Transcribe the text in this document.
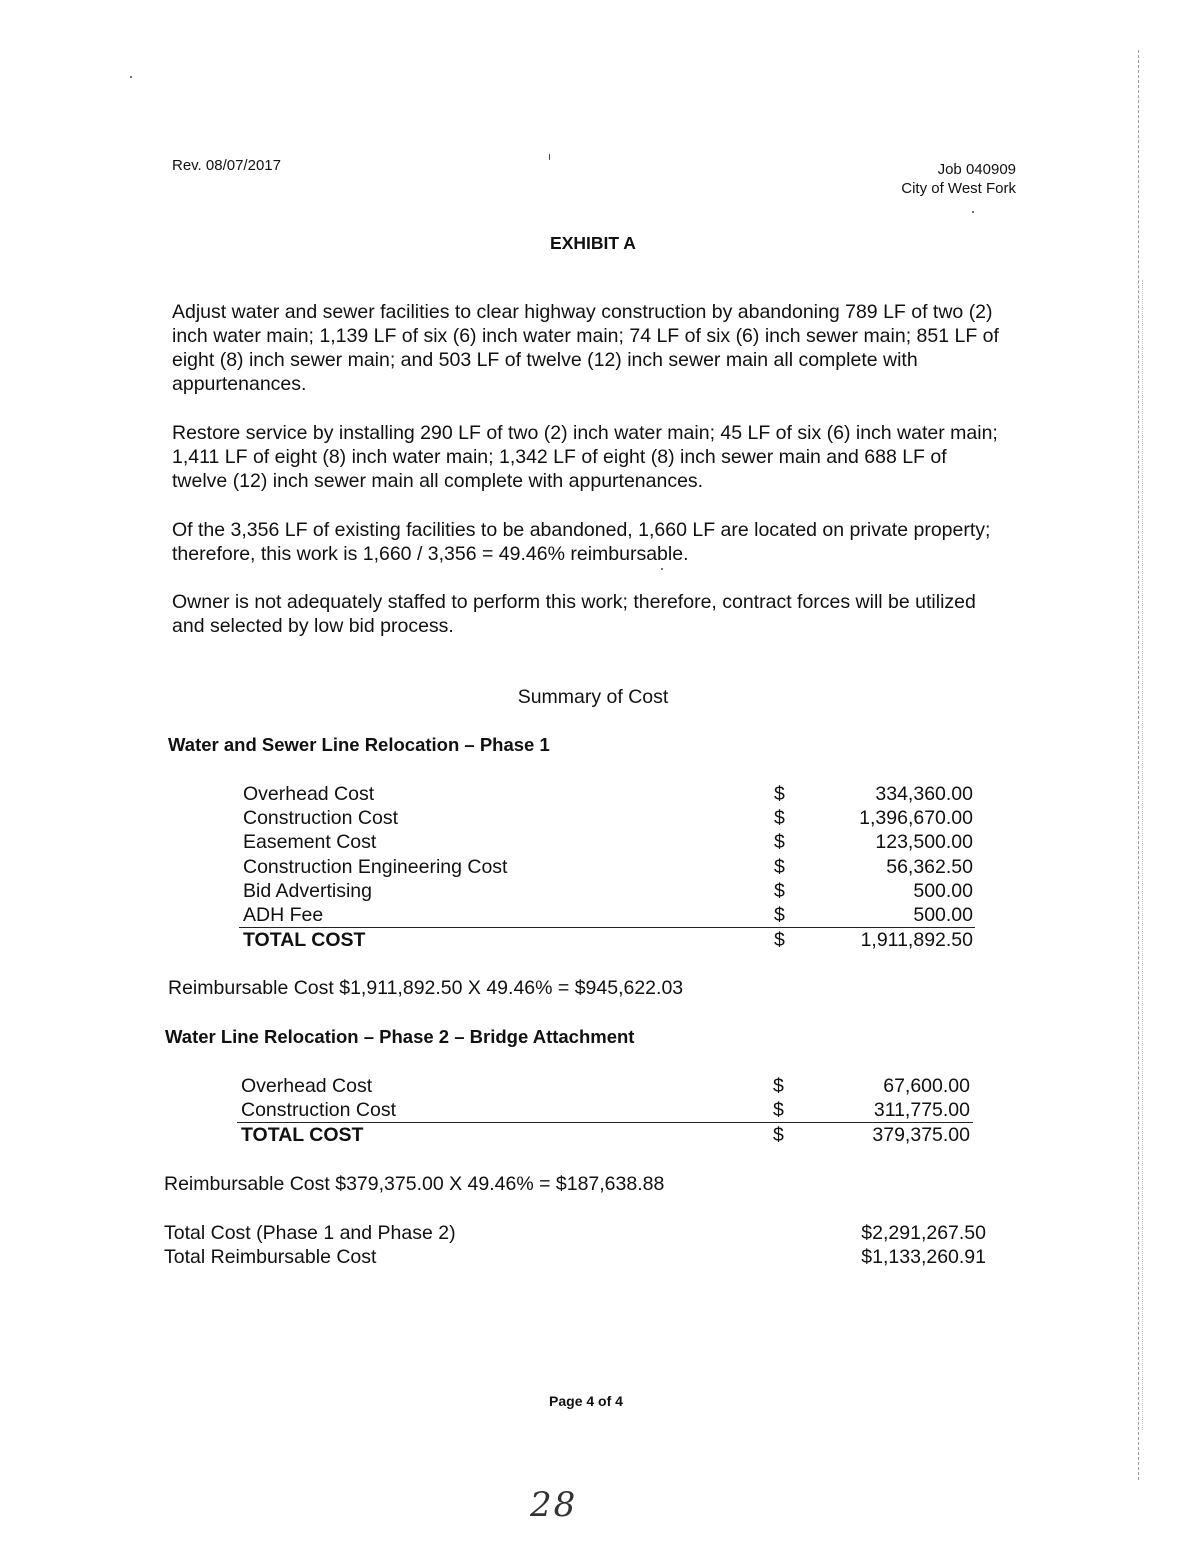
Rev. 08/07/2017	Job 040909
City of West Fork
EXHIBIT A
Adjust water and sewer facilities to clear highway construction by abandoning 789 LF of two (2) inch water main; 1,139 LF of six (6) inch water main; 74 LF of six (6) inch sewer main; 851 LF of eight (8) inch sewer main; and 503 LF of twelve (12) inch sewer main all complete with appurtenances.
Restore service by installing 290 LF of two (2) inch water main; 45 LF of six (6) inch water main; 1,411 LF of eight (8) inch water main; 1,342 LF of eight (8) inch sewer main and 688 LF of twelve (12) inch sewer main all complete with appurtenances.
Of the 3,356 LF of existing facilities to be abandoned, 1,660 LF are located on private property; therefore, this work is 1,660 / 3,356 = 49.46% reimbursable.
Owner is not adequately staffed to perform this work; therefore, contract forces will be utilized and selected by low bid process.
Summary of Cost
Water and Sewer Line Relocation – Phase 1
Overhead Cost	$	334,360.00
Construction Cost	$	1,396,670.00
Easement Cost	$	123,500.00
Construction Engineering Cost	$	56,362.50
Bid Advertising	$	500.00
ADH Fee	$	500.00
TOTAL COST	$	1,911,892.50
Reimbursable Cost $1,911,892.50 X 49.46% = $945,622.03
Water Line Relocation – Phase 2 – Bridge Attachment
Overhead Cost	$	67,600.00
Construction Cost	$	311,775.00
TOTAL COST	$	379,375.00
Reimbursable Cost $379,375.00 X 49.46% = $187,638.88
Total Cost (Phase 1 and Phase 2)	$2,291,267.50
Total Reimbursable Cost	$1,133,260.91
Page 4 of 4
28
